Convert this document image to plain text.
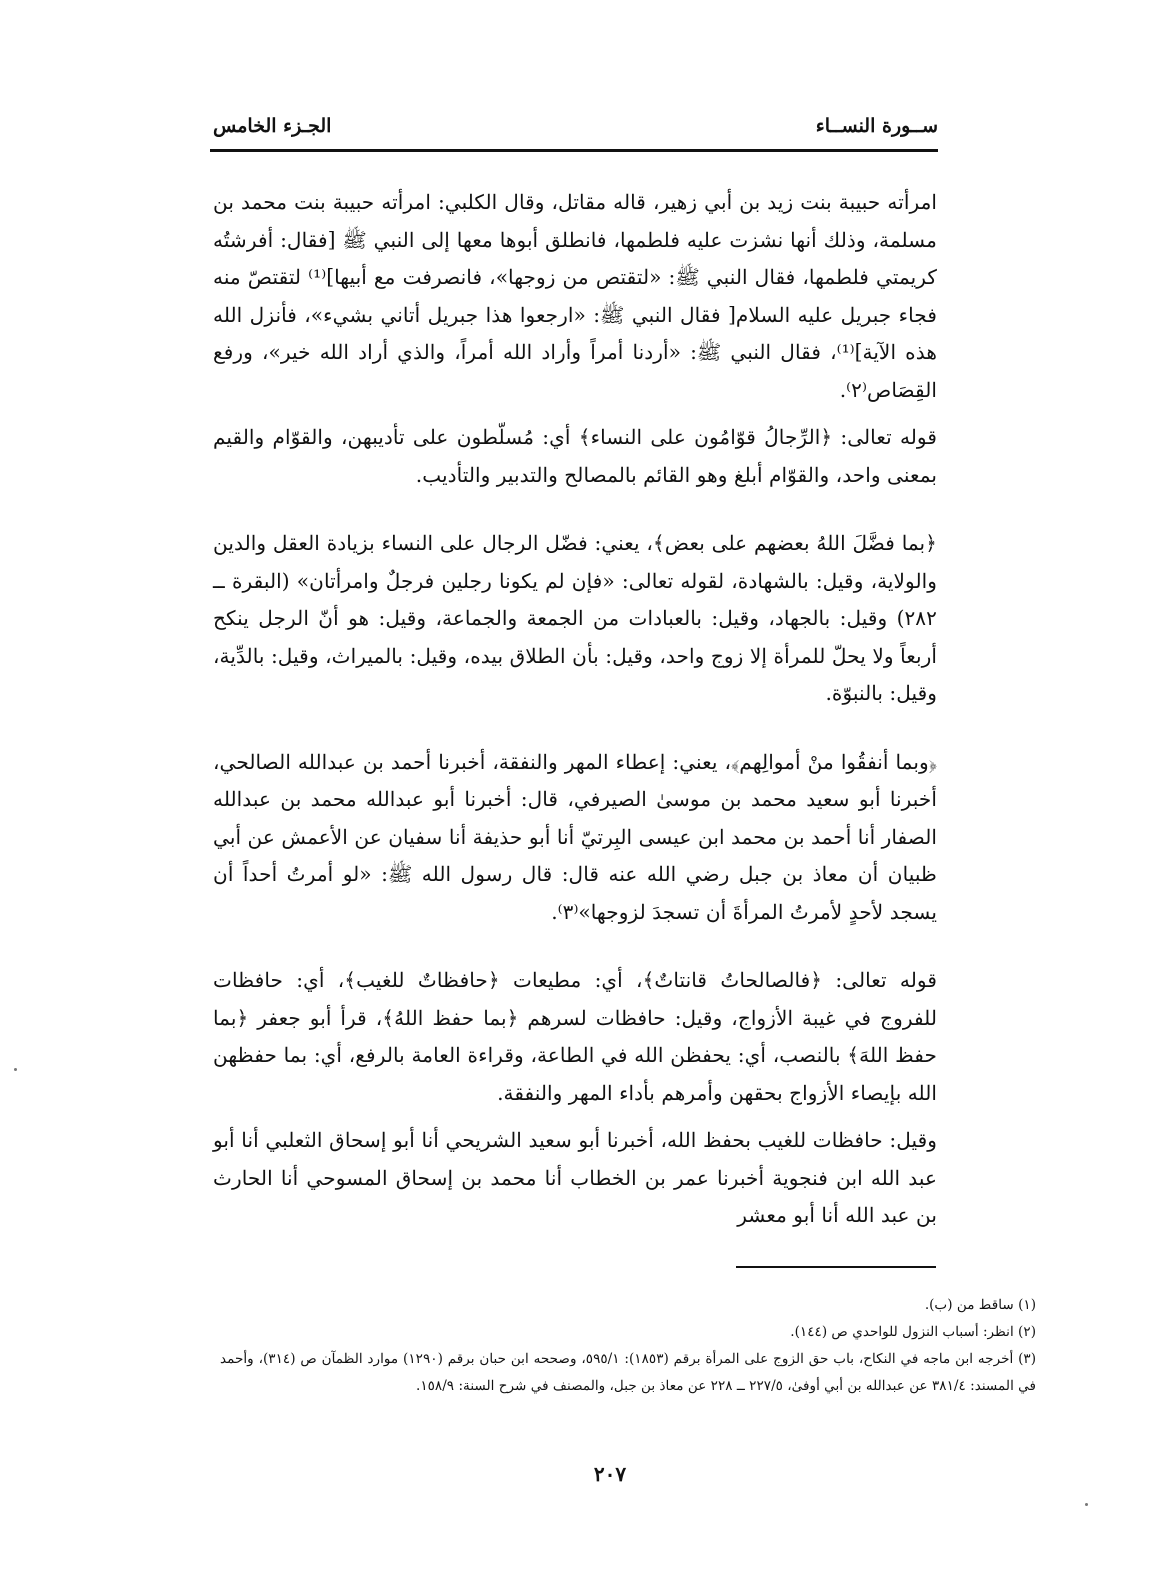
ســورة النســاء
الجـزء الخامس

امرأته حبيبة بنت زيد بن أبي زهير، قاله مقاتل، وقال الكلبي: امرأته حبيبة بنت محمد بن مسلمة، وذلك أنها نشزت عليه فلطمها، فانطلق أبوها معها إلى النبي ﷺ [فقال: أفرشتُه كريمتي فلطمها، فقال النبي ﷺ: «لتقتص من زوجها»، فانصرفت مع أبيها]⁽¹⁾ لتقتصّ منه فجاء جبريل عليه السلام[ فقال النبي ﷺ: «ارجعوا هذا جبريل أتاني بشيء»، فأنزل الله هذه الآية]⁽¹⁾، فقال النبي ﷺ: «أردنا أمراً وأراد الله أمراً، والذي أراد الله خير»، ورفع القِصَاص⁽٢⁾.

قوله تعالى: ﴿الرِّجالُ قوّامُون على النساء﴾ أي: مُسلّطون على تأديبهن، والقوّام والقيم بمعنى واحد، والقوّام أبلغ وهو القائم بالمصالح والتدبير والتأديب.

﴿بما فضَّلَ اللهُ بعضهم على بعض﴾، يعني: فضّل الرجال على النساء بزيادة العقل والدين والولاية، وقيل: بالشهادة، لقوله تعالى: «فإن لم يكونا رجلين فرجلٌ وامرأتان» (البقرة ــ ٢٨٢) وقيل: بالجهاد، وقيل: بالعبادات من الجمعة والجماعة، وقيل: هو أنّ الرجل ينكح أربعاً ولا يحلّ للمرأة إلا زوج واحد، وقيل: بأن الطلاق بيده، وقيل: بالميراث، وقيل: بالدِّية، وقيل: بالنبوّة.

﴿وبما أنفقُوا منْ أموالِهم﴾، يعني: إعطاء المهر والنفقة، أخبرنا أحمد بن عبدالله الصالحي، أخبرنا أبو سعيد محمد بن موسىٰ الصيرفي، قال: أخبرنا أبو عبدالله محمد بن عبدالله الصفار أنا أحمد بن محمد ابن عيسى البِرتيّ أنا أبو حذيفة أنا سفيان عن الأعمش عن أبي ظبيان أن معاذ بن جبل رضي الله عنه قال: قال رسول الله ﷺ: «لو أمرتُ أحداً أن يسجد لأحدٍ لأمرتُ المرأةَ أن تسجدَ لزوجها»⁽٣⁾.

قوله تعالى: ﴿فالصالحاتُ قانتاتٌ﴾، أي: مطيعات ﴿حافظاتٌ للغيب﴾، أي: حافظات للفروج في غيبة الأزواج، وقيل: حافظات لسرهم ﴿بما حفظ اللهُ﴾، قرأ أبو جعفر ﴿بما حفظ اللهَ﴾ بالنصب، أي: يحفظن الله في الطاعة، وقراءة العامة بالرفع، أي: بما حفظهن الله بإيصاء الأزواج بحقهن وأمرهم بأداء المهر والنفقة.

وقيل: حافظات للغيب بحفظ الله، أخبرنا أبو سعيد الشريحي أنا أبو إسحاق الثعلبي أنا أبو عبد الله ابن فنجوية أخبرنا عمر بن الخطاب أنا محمد بن إسحاق المسوحي أنا الحارث بن عبد الله أنا أبو معشر

(١) ساقط من (ب).

(٢) انظر: أسباب النزول للواحدي ص (١٤٤).

(٣) أخرجه ابن ماجه في النكاح، باب حق الزوج على المرأة برقم (١٨٥٣): ٥٩٥/١، وصححه ابن حبان برقم (١٢٩٠) موارد الظمآن ص (٣١٤)، وأحمد في المسند: ٣٨١/٤ عن عبدالله بن أبي أوفىٰ، ٢٢٧/٥ ــ ٢٢٨ عن معاذ بن جبل، والمصنف في شرح السنة: ١٥٨/٩.

٢٠٧
